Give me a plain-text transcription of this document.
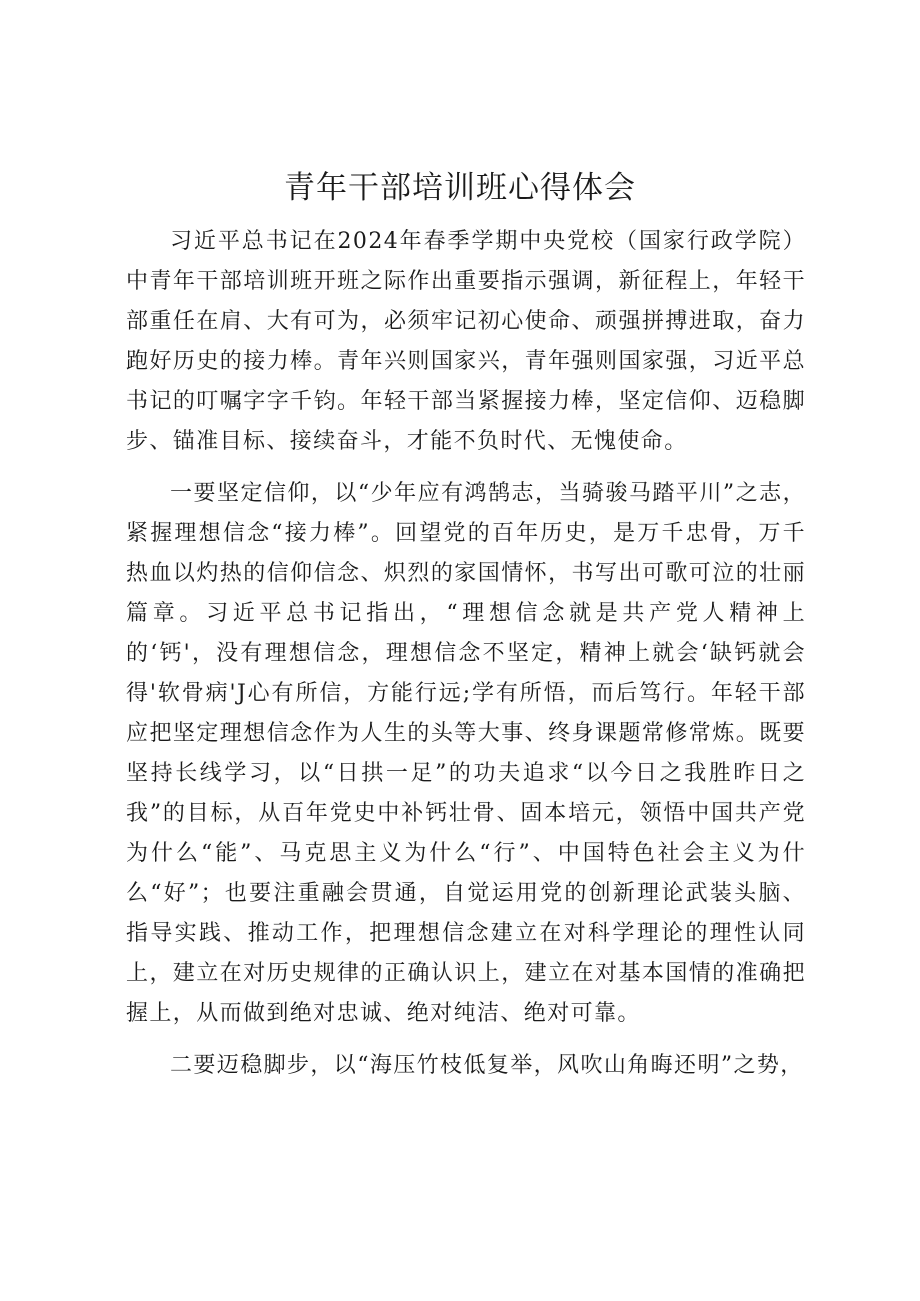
青年干部培训班心得体会

习近平总书记在2024年春季学期中央党校（国家行政学院）中青年干部培训班开班之际作出重要指示强调，新征程上，年轻干部重任在肩、大有可为，必须牢记初心使命、顽强拼搏进取，奋力跑好历史的接力棒。青年兴则国家兴，青年强则国家强，习近平总书记的叮嘱字字千钧。年轻干部当紧握接力棒，坚定信仰、迈稳脚步、锚准目标、接续奋斗，才能不负时代、无愧使命。

一要坚定信仰，以“少年应有鸿鹄志，当骑骏马踏平川”之志，紧握理想信念“接力棒”。回望党的百年历史，是万千忠骨，万千热血以灼热的信仰信念、炽烈的家国情怀，书写出可歌可泣的壮丽篇章。习近平总书记指出，“理想信念就是共产党人精神上的‘钙'，没有理想信念，理想信念不坚定，精神上就会‘缺钙就会得'软骨病'J心有所信，方能行远;学有所悟，而后笃行。年轻干部应把坚定理想信念作为人生的头等大事、终身课题常修常炼。既要坚持长线学习，以“日拱一足”的功夫追求“以今日之我胜昨日之我”的目标，从百年党史中补钙壮骨、固本培元，领悟中国共产党为什么“能”、马克思主义为什么“行”、中国特色社会主义为什么“好”；也要注重融会贯通，自觉运用党的创新理论武装头脑、指导实践、推动工作，把理想信念建立在对科学理论的理性认同上，建立在对历史规律的正确认识上，建立在对基本国情的准确把握上，从而做到绝对忠诚、绝对纯洁、绝对可靠。

二要迈稳脚步，以“海压竹枝低复举，风吹山角晦还明”之势，
